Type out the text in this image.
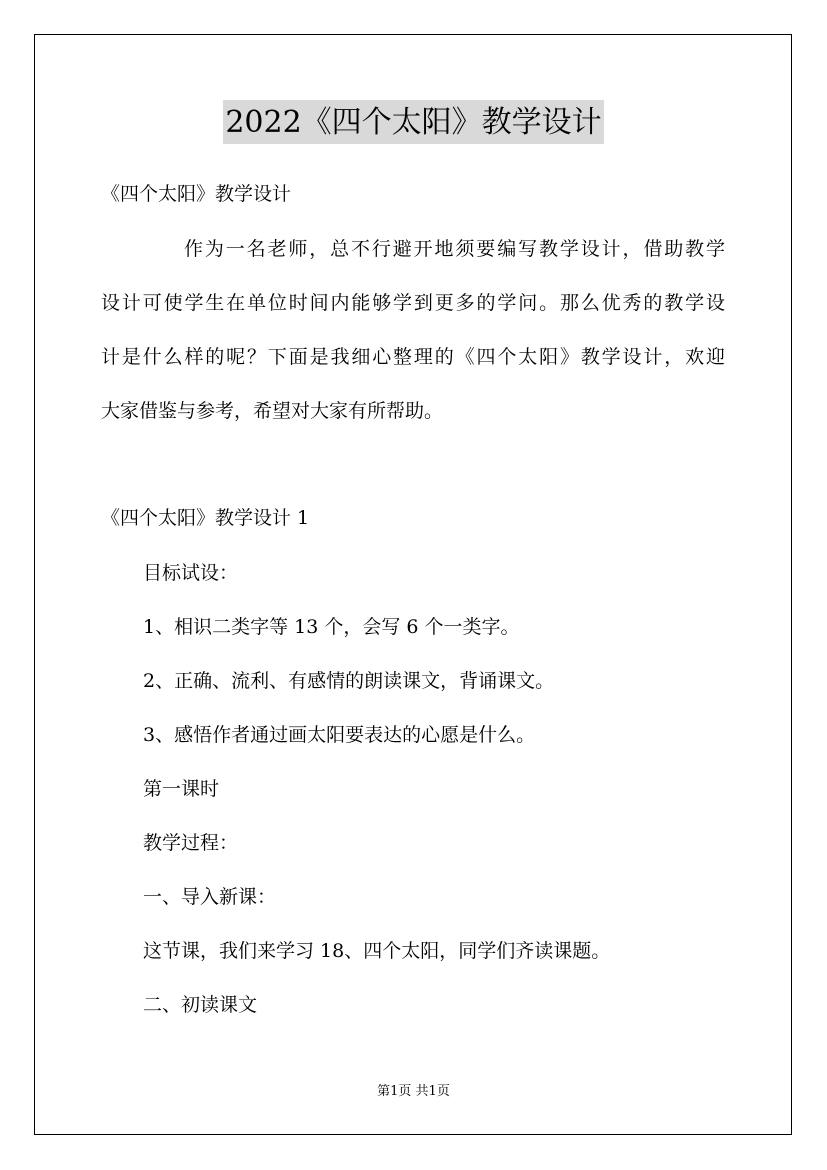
2022《四个太阳》教学设计

《四个太阳》教学设计

作为一名老师，总不行避开地须要编写教学设计，借助教学

设计可使学生在单位时间内能够学到更多的学问。那么优秀的教学设

计是什么样的呢？下面是我细心整理的《四个太阳》教学设计，欢迎

大家借鉴与参考，希望对大家有所帮助。

《四个太阳》教学设计 1

目标试设：

1、相识二类字等 13 个，会写 6 个一类字。

2、正确、流利、有感情的朗读课文，背诵课文。

3、感悟作者通过画太阳要表达的心愿是什么。

第一课时

教学过程：

一、导入新课：

这节课，我们来学习 18、四个太阳，同学们齐读课题。

二、初读课文

第1页 共1页
